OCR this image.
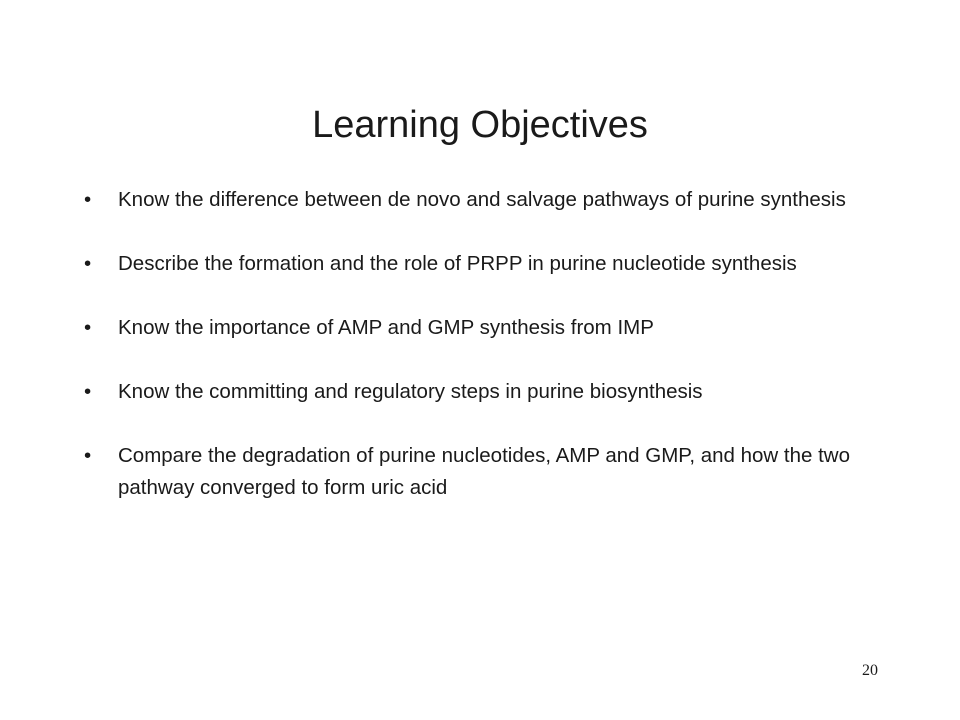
Learning Objectives
•	Know the difference between de novo and salvage pathways of purine synthesis
•	Describe the formation and the role of PRPP in purine nucleotide synthesis
•	Know the importance of AMP and GMP synthesis from IMP
•	Know the committing and regulatory steps in purine biosynthesis
•	Compare the degradation of purine nucleotides, AMP and GMP, and how the two pathway converged to form uric acid
20
